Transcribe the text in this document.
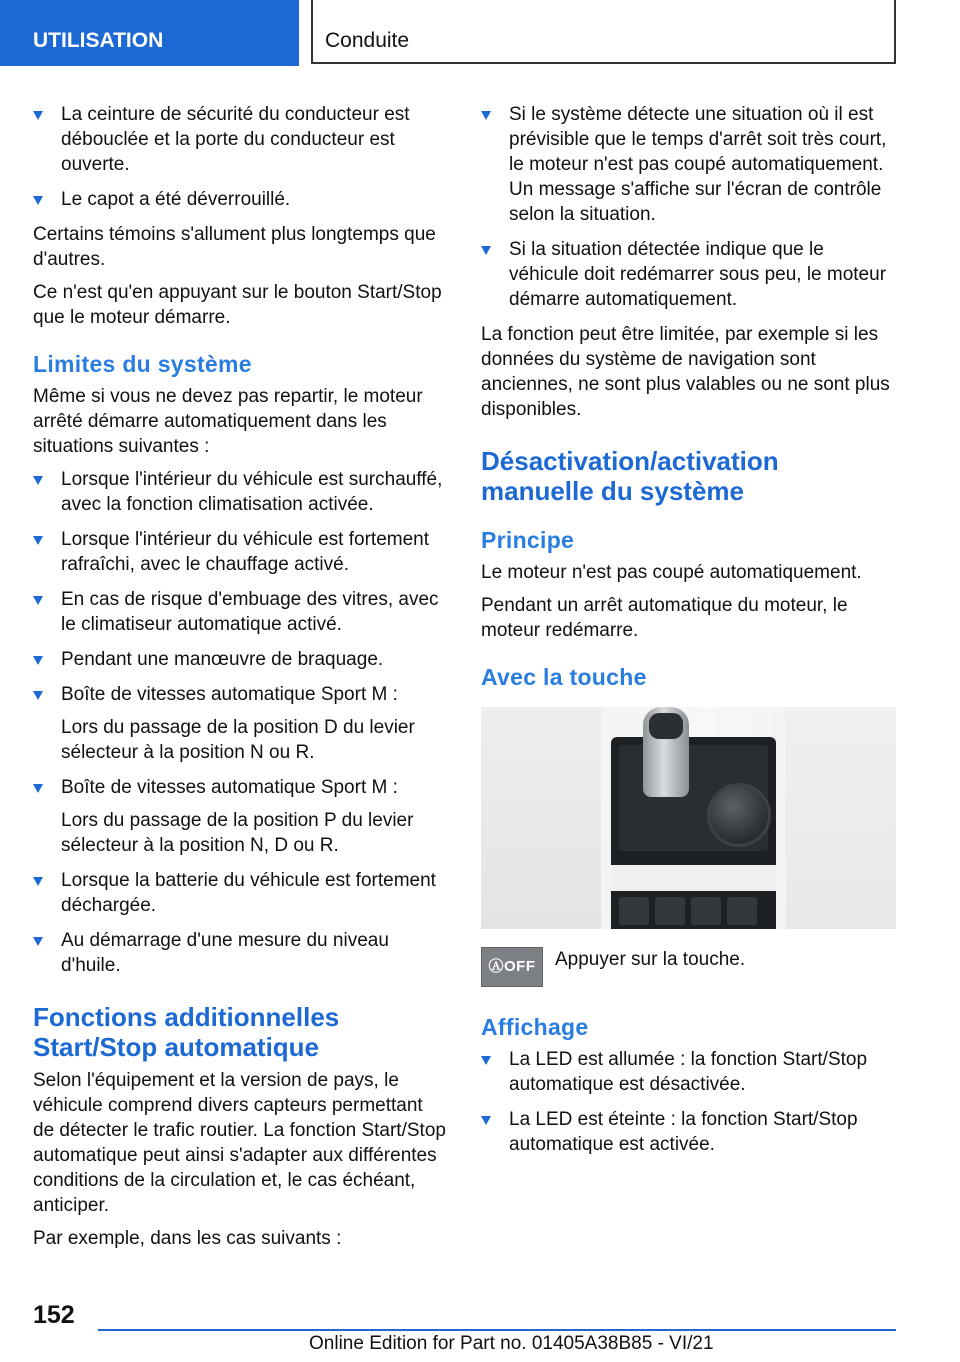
UTILISATION	Conduite
La ceinture de sécurité du conducteur est débouclée et la porte du conducteur est ouverte.
Le capot a été déverrouillé.

Certains témoins s'allument plus longtemps que d'autres.

Ce n'est qu'en appuyant sur le bouton Start/Stop que le moteur démarre.

Limites du système

Même si vous ne devez pas repartir, le moteur arrêté démarre automatiquement dans les situations suivantes :

Lorsque l'intérieur du véhicule est surchauffé, avec la fonction climatisation activée.
Lorsque l'intérieur du véhicule est fortement rafraîchi, avec le chauffage activé.
En cas de risque d'embuage des vitres, avec le climatiseur automatique activé.
Pendant une manœuvre de braquage.

Boîte de vitesses automatique Sport M :

Lors du passage de la position D du levier sélecteur à la position N ou R.

Boîte de vitesses automatique Sport M :

Lors du passage de la position P du levier sélecteur à la position N, D ou R.

Lorsque la batterie du véhicule est fortement déchargée.
Au démarrage d'une mesure du niveau d'huile.
Fonctions additionnelles Start/Stop automatique

Selon l'équipement et la version de pays, le véhicule comprend divers capteurs permettant de détecter le trafic routier. La fonction Start/Stop automatique peut ainsi s'adapter aux différentes conditions de la circulation et, le cas échéant, anticiper.

Par exemple, dans les cas suivants :

Si le système détecte une situation où il est prévisible que le temps d'arrêt soit très court, le moteur n'est pas coupé automatiquement. Un message s'affiche sur l'écran de contrôle selon la situation.
Si la situation détectée indique que le véhicule doit redémarrer sous peu, le moteur démarre automatiquement.

La fonction peut être limitée, par exemple si les données du système de navigation sont anciennes, ne sont plus valables ou ne sont plus disponibles.

Désactivation/activation manuelle du système
Principe

Le moteur n'est pas coupé automatiquement.

Pendant un arrêt automatique du moteur, le moteur redémarre.

Avec la touche
ⒶOFF	Appuyer sur la touche.
Affichage
La LED est allumée : la fonction Start/Stop automatique est désactivée.
La LED est éteinte : la fonction Start/Stop automatique est activée.
152
Online Edition for Part no. 01405A38B85 - VI/21
